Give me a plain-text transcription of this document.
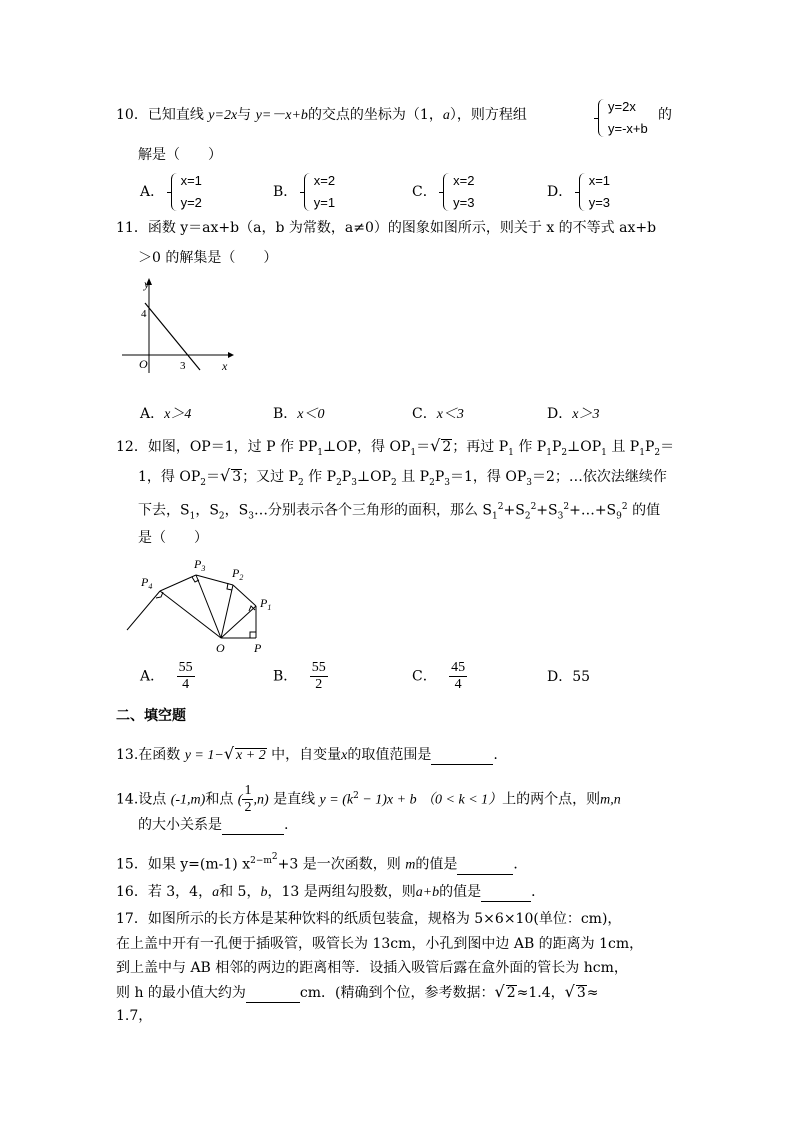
10．已知直线 y=2x与 y=－x+b的交点的坐标为（1，a），则方程组
y=2x
y=-x+b
的
解是（　　）
A．
x=1
y=2
B．
x=2
y=1
C．
x=2
y=3
D．
x=1
y=3
11．函数 y＝ax+b（a，b 为常数，a≠0）的图象如图所示，则关于 x 的不等式 ax+b
＞0 的解集是（　　）
y
x
O
4
3
A．x＞4	B．x＜0	C．x＜3	D．x＞3
12．如图，OP＝1，过 P 作 $PP_1\perp OP$，得 $OP_1=√$ 2；再过 $P_1$ 作 $P_1P_2\perp OP_1$ 且 $P_1P_2=$
1，得 $OP_2=√$ 3；又过 $P_2$ 作 $P_2P_3\perp OP_2$ 且 $P_2P_3=1$，得 $OP_3=2$；…依次法继续作
下去，$S_1$，$S_2$，$S_3\dots$分别表示各个三角形的面积，那么 $S_1^2+S_2^2+S_3^2+\dots+S_9^2$ 的值
是（　　）
O P
$P_1$
$P_2$
$P_3$
$P_4$
A． $\frac{55}{4}$	B． $\frac{55}{2}$	C． $\frac{45}{4}$	D．55
二、填空题
13.在函数 y = 1−√ x + 2 中，自变量x的取值范围是	.
14.设点 (-1,m)和点 ( $\frac{1}{2} ,n$) 是直线 $y = (k^2 - 1)x + b$ （0 < k < 1）上的两个点，则m,n
的大小关系是	.
15．如果 y=(m-1) $x^{2-m^2}+3$ 是一次函数，则 m的值是	．
16．若 3，4，a和 5，b，13 是两组勾股数，则a+b的值是	．
17．如图所示的长方体是某种饮料的纸质包装盒，规格为 5×6×10(单位：cm)，
在上盖中开有一孔便于插吸管，吸管长为 13cm，小孔到图中边 AB 的距离为 1cm，
到上盖中与 AB 相邻的两边的距离相等．设插入吸管后露在盒外面的管长为 hcm，
则 h 的最小值大约为	cm．(精确到个位，参考数据：√ 2≈1.4，√ 3≈
1.7，
